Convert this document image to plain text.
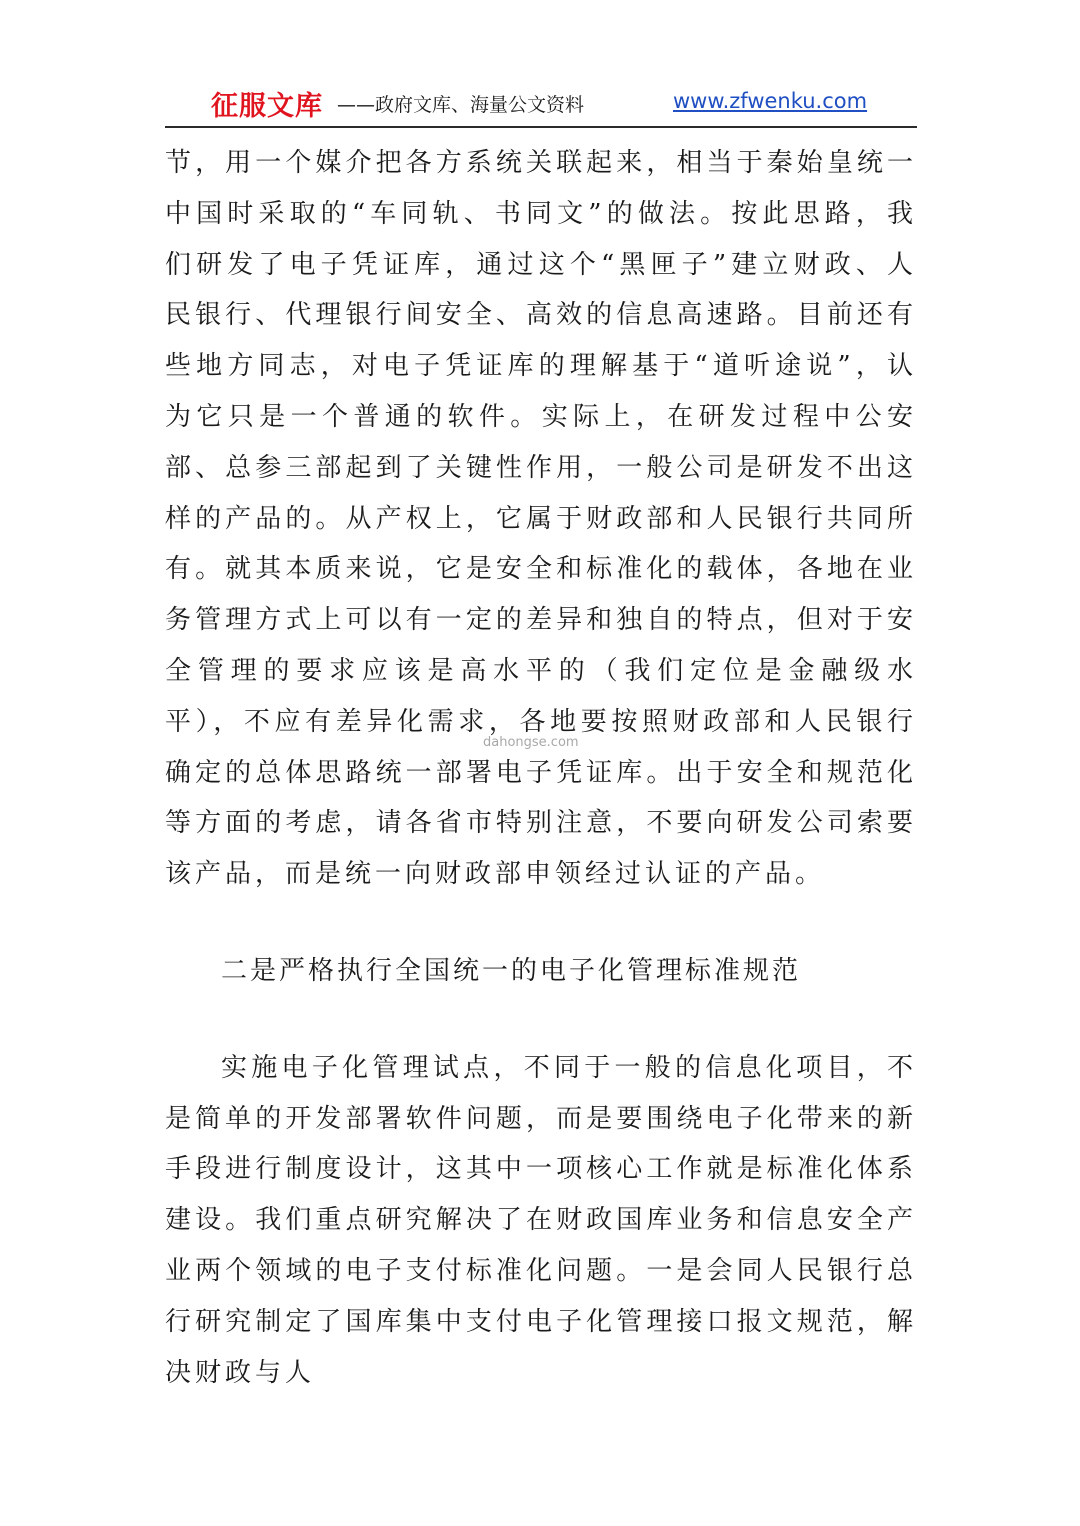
征服文库 ——政府文库、海量公文资料	www.zfwenku.com

节，用一个媒介把各方系统关联起来，相当于秦始皇统一中国时采取的“车同轨、书同文”的做法。按此思路，我们研发了电子凭证库，通过这个“黑匣子”建立财政、人民银行、代理银行间安全、高效的信息高速路。目前还有些地方同志，对电子凭证库的理解基于“道听途说”，认为它只是一个普通的软件。实际上，在研发过程中公安部、总参三部起到了关键性作用，一般公司是研发不出这样的产品的。从产权上，它属于财政部和人民银行共同所有。就其本质来说，它是安全和标准化的载体，各地在业务管理方式上可以有一定的差异和独自的特点，但对于安全管理的要求应该是高水平的（我们定位是金融级水平），不应有差异化需求，各地要按照财政部和人民银行确定的总体思路统一部署电子凭证库。出于安全和规范化等方面的考虑，请各省市特别注意，不要向研发公司索要该产品，而是统一向财政部申领经过认证的产品。

二是严格执行全国统一的电子化管理标准规范

实施电子化管理试点，不同于一般的信息化项目，不是简单的开发部署软件问题，而是要围绕电子化带来的新手段进行制度设计，这其中一项核心工作就是标准化体系建设。我们重点研究解决了在财政国库业务和信息安全产业两个领域的电子支付标准化问题。一是会同人民银行总行研究制定了国库集中支付电子化管理接口报文规范，解决财政与人

dahongse.com
